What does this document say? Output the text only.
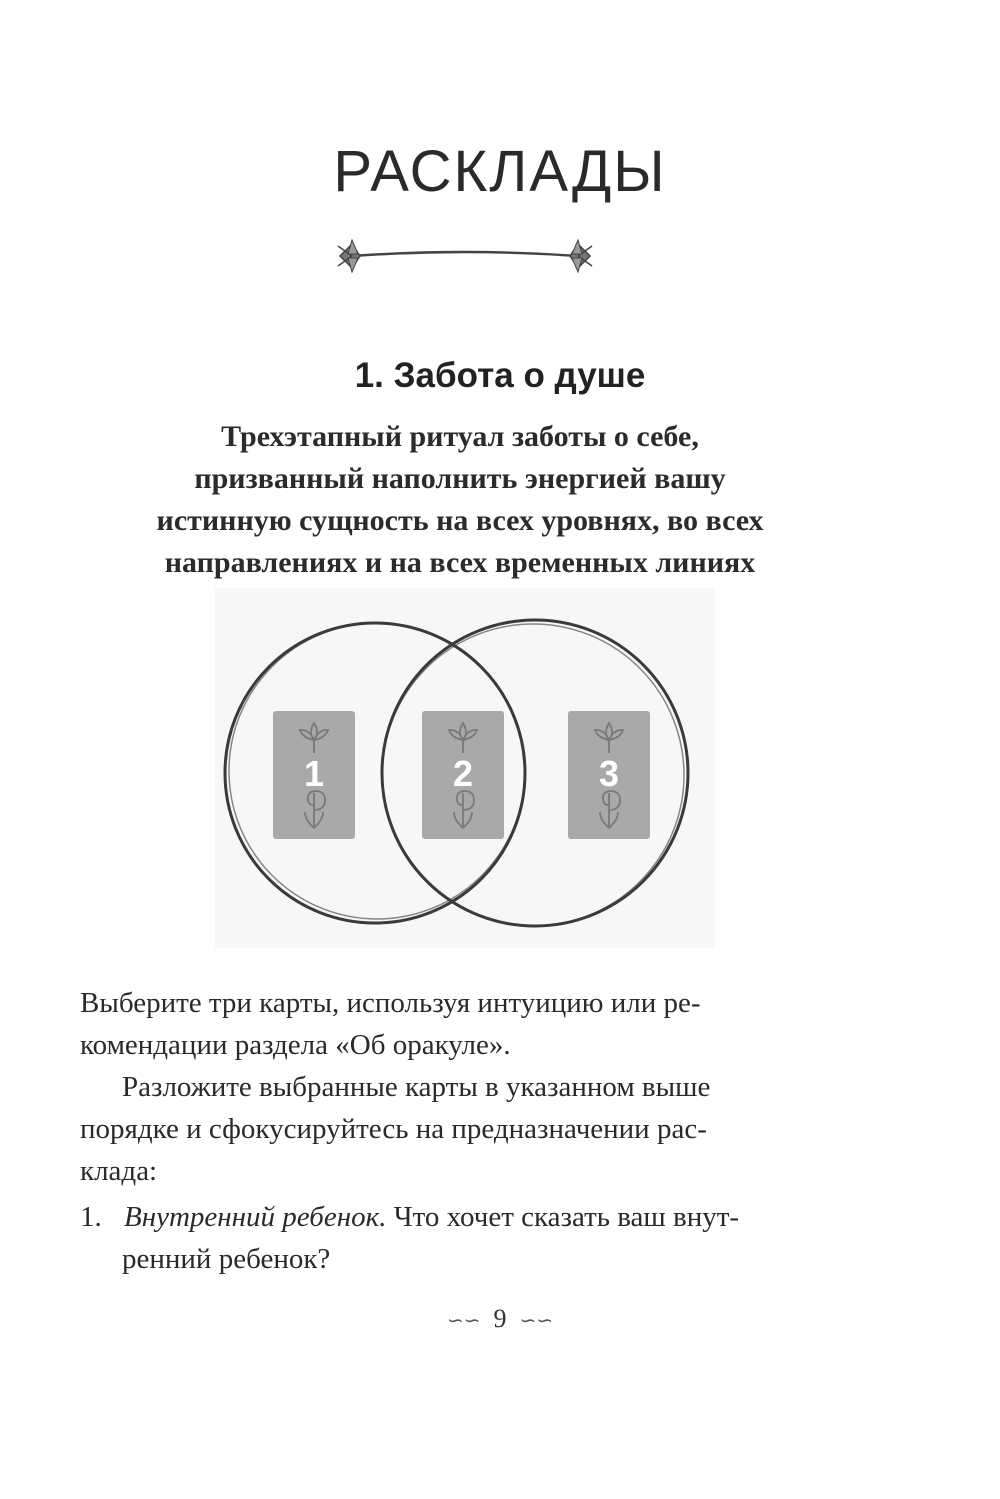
РАСКЛАДЫ
1. Забота о душе
Трехэтапный ритуал заботы о себе,
призванный наполнить энергией вашу
истинную сущность на всех уровнях, во всех
направлениях и на всех временных линиях
1	2	3
Выберите три карты, используя интуицию или ре-
комендации раздела «Об оракуле».
Разложите выбранные карты в указанном выше
порядке и сфокусируйтесь на предназначении рас-
клада:
1. Внутренний ребенок. Что хочет сказать ваш внут-
ренний ребенок?
∽∽ 9 ∽∽
